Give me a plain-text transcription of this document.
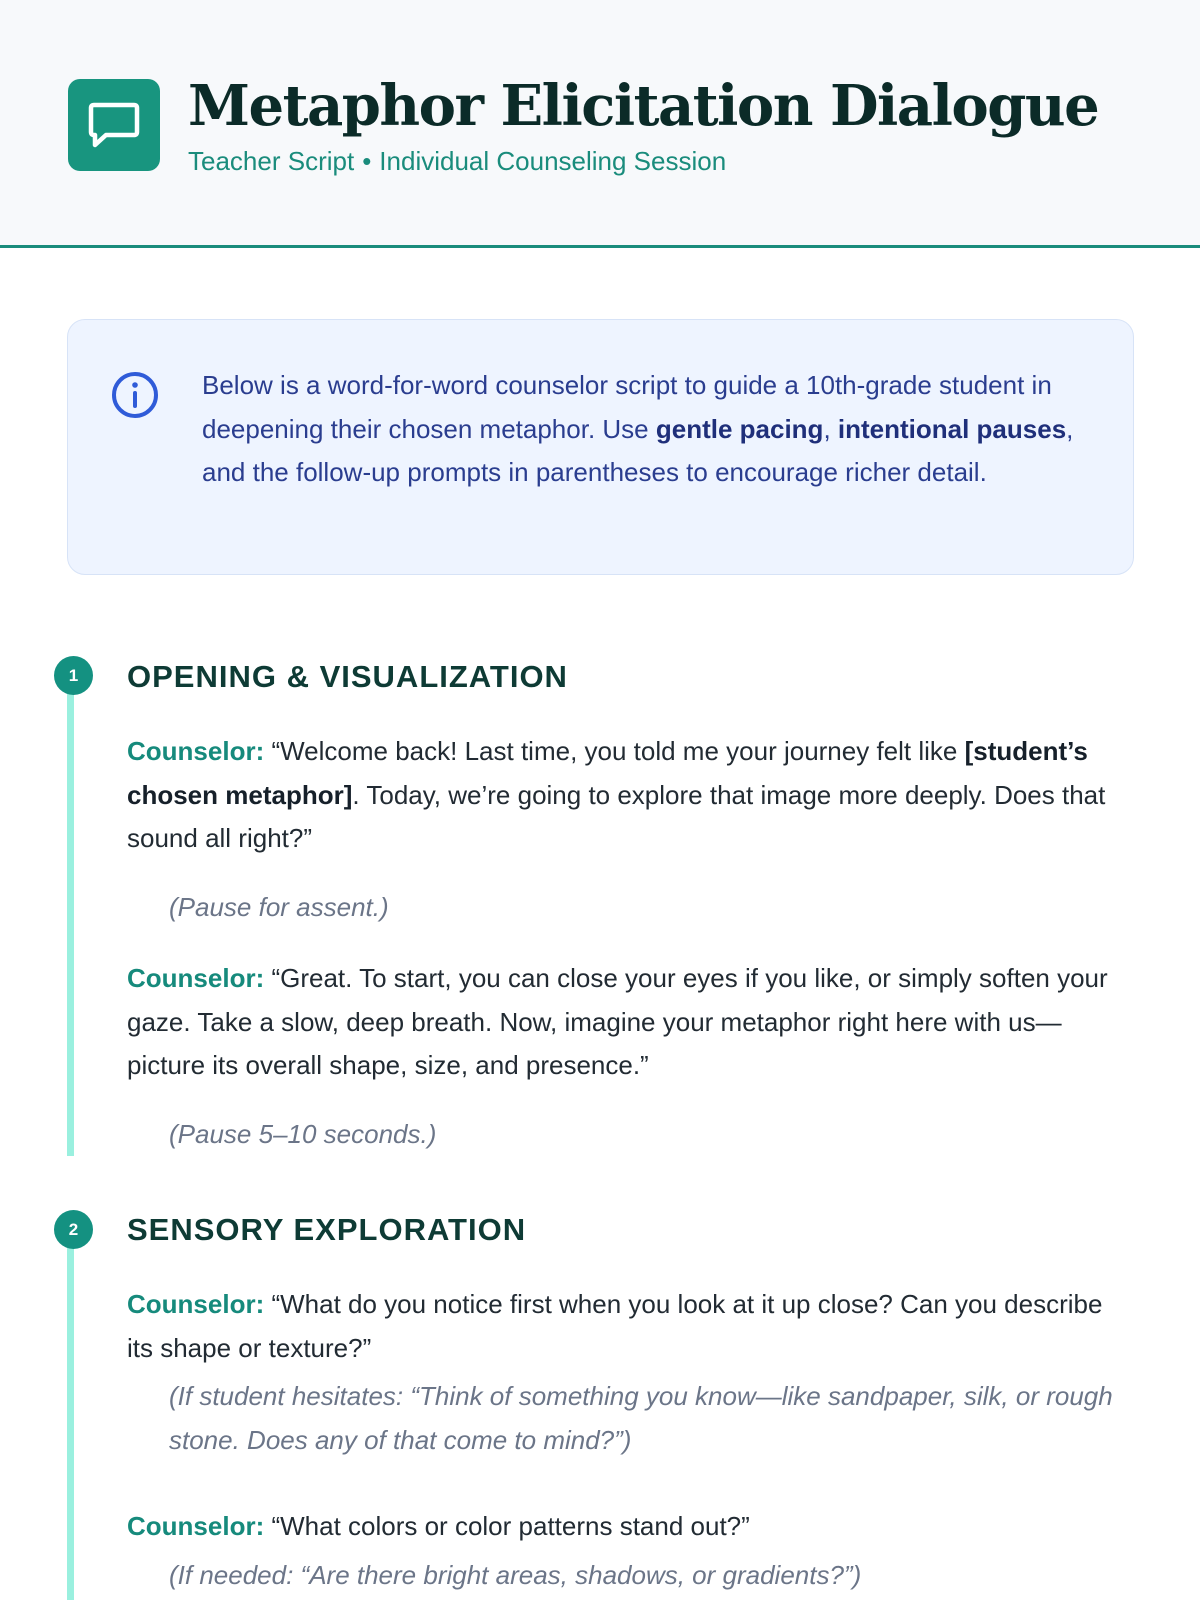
Metaphor Elicitation Dialogue
Teacher Script • Individual Counseling Session

Below is a word-for-word counselor script to guide a 10th-grade student in deepening their chosen metaphor. Use gentle pacing, intentional pauses, and the follow-up prompts in parentheses to encourage richer detail.

1	OPENING & VISUALIZATION

Counselor: “Welcome back! Last time, you told me your journey felt like [student’s chosen metaphor]. Today, we’re going to explore that image more deeply. Does that sound all right?”

(Pause for assent.)

Counselor: “Great. To start, you can close your eyes if you like, or simply soften your gaze. Take a slow, deep breath. Now, imagine your metaphor right here with us—picture its overall shape, size, and presence.”

(Pause 5–10 seconds.)

2	SENSORY EXPLORATION

Counselor: “What do you notice first when you look at it up close? Can you describe its shape or texture?”

(If student hesitates: “Think of something you know—like sandpaper, silk, or rough stone. Does any of that come to mind?”)

Counselor: “What colors or color patterns stand out?”

(If needed: “Are there bright areas, shadows, or gradients?”)
